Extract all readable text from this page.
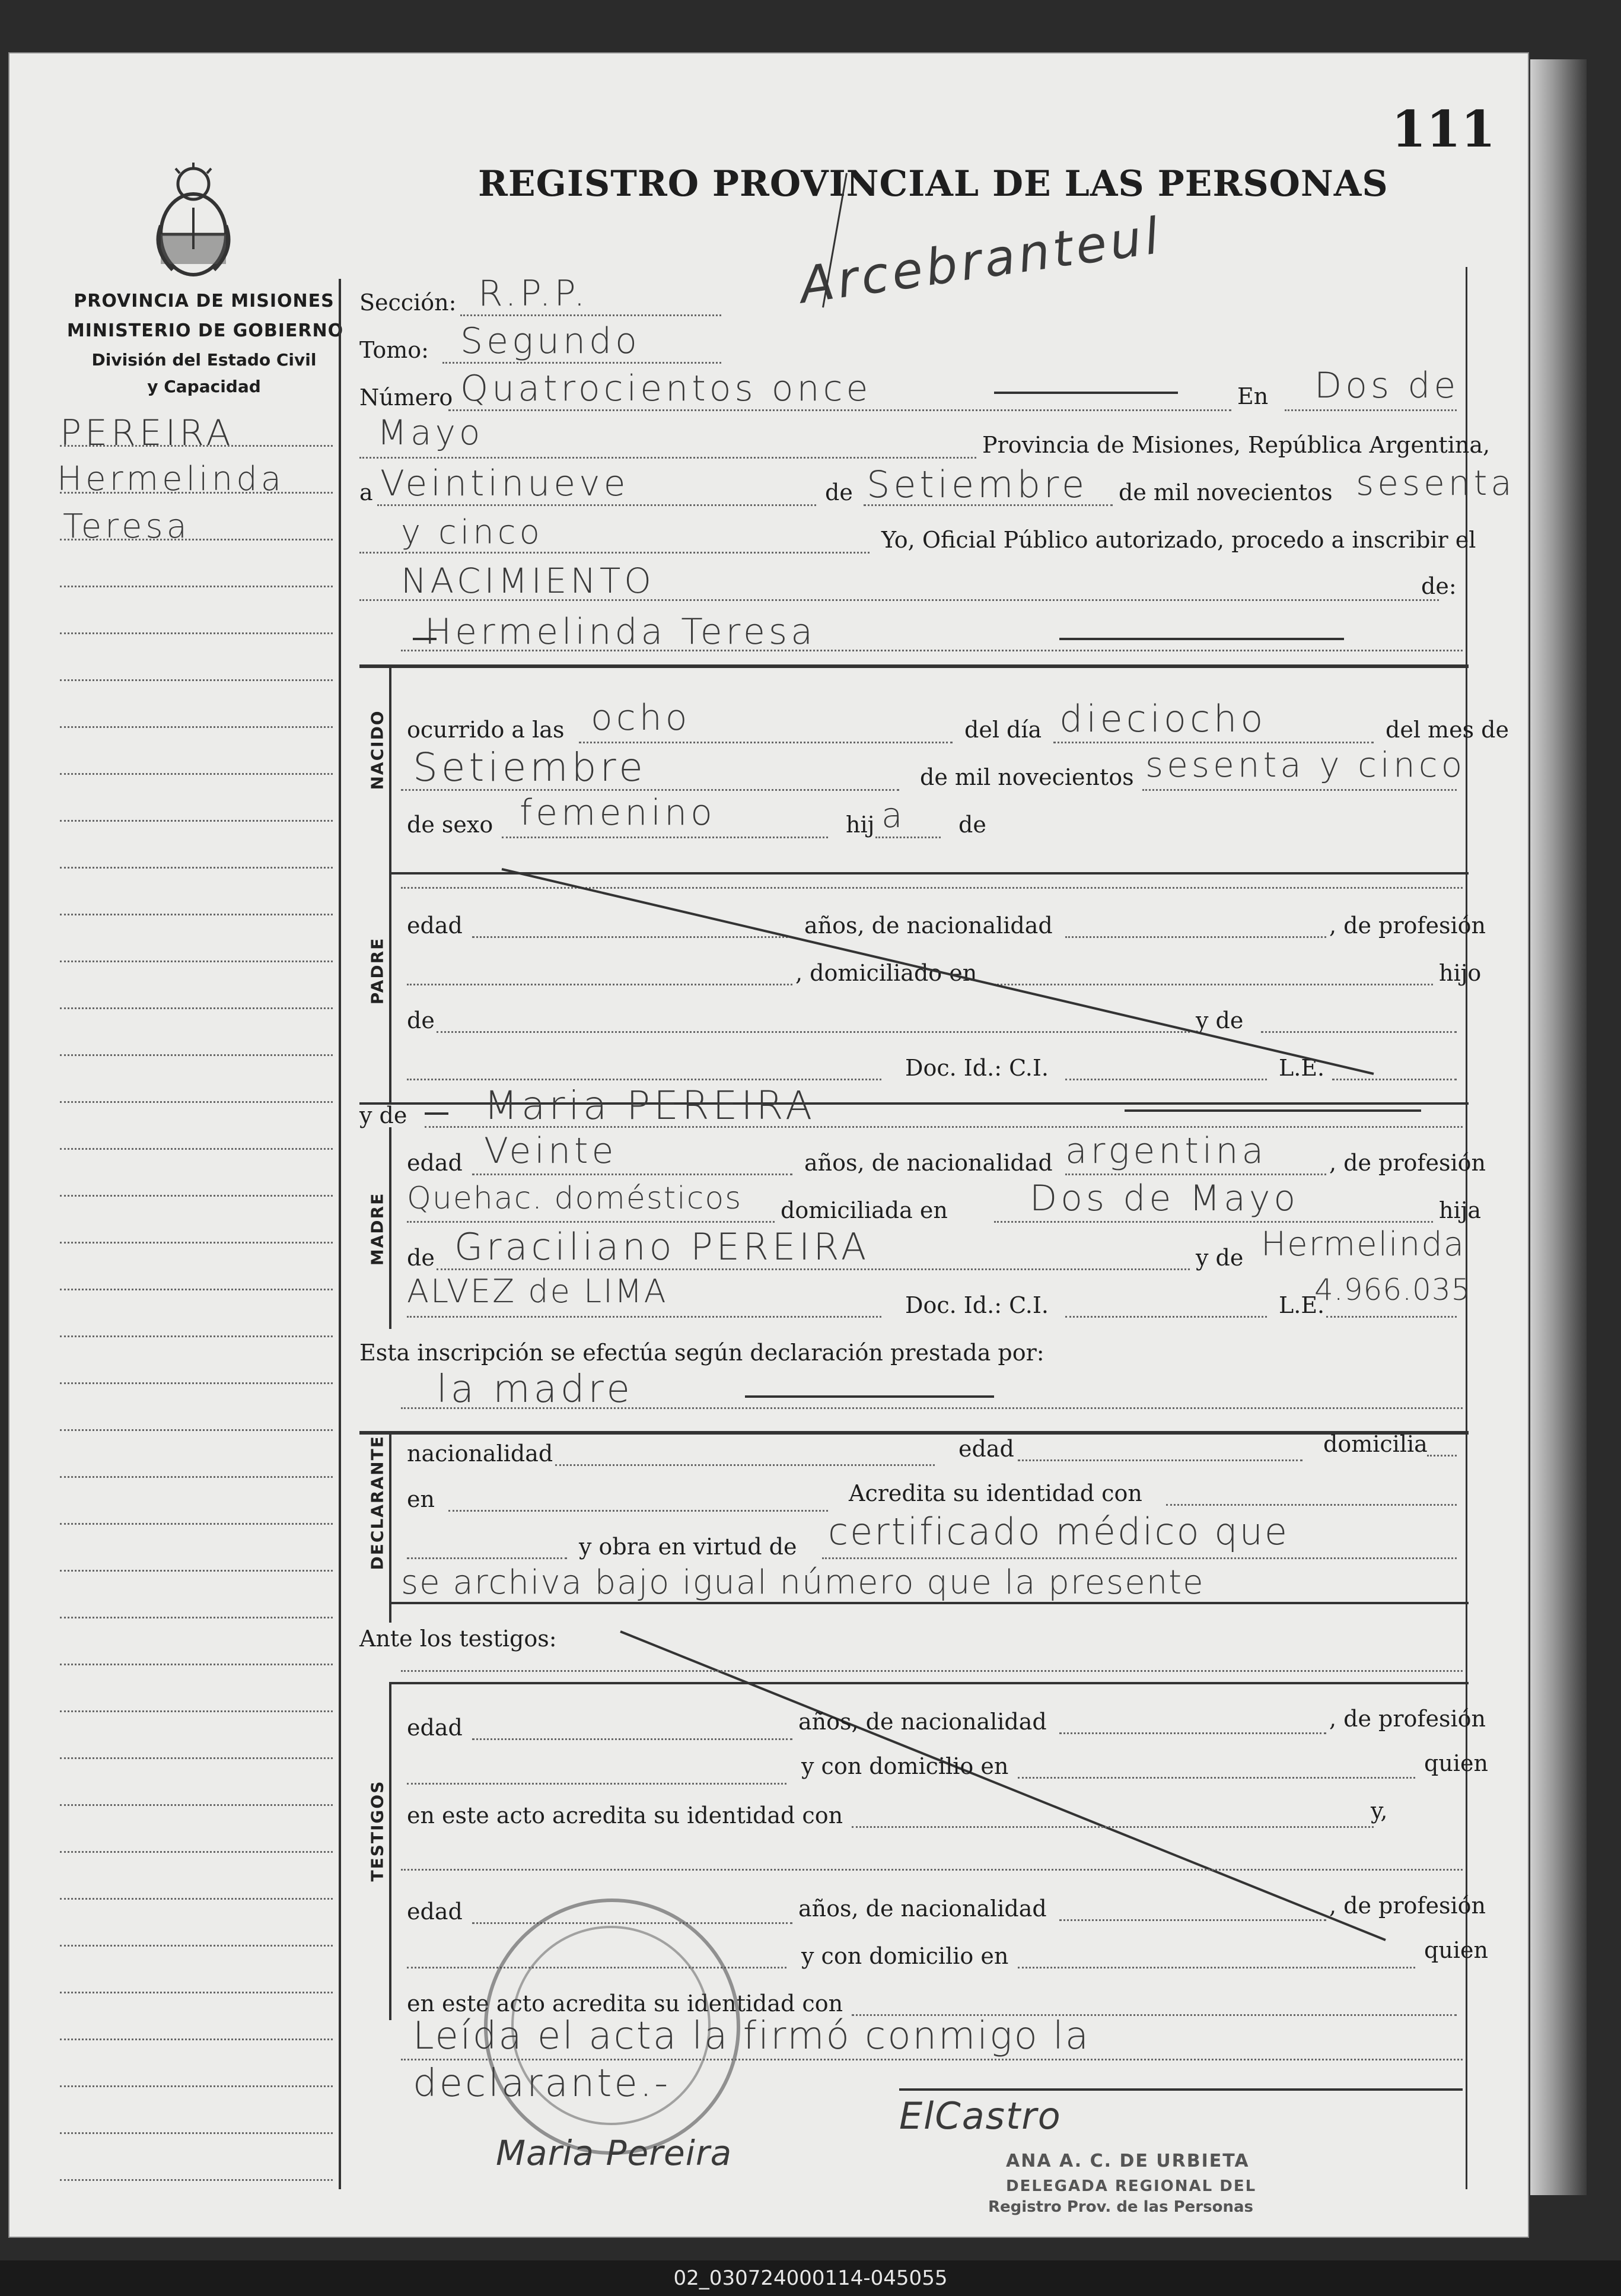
111
REGISTRO PROVINCIAL DE LAS PERSONAS
Arcebranteul
PROVINCIA DE MISIONES
MINISTERIO DE GOBIERNO
División del Estado Civil
y Capacidad
PEREIRA
Hermelinda
Teresa
Sección: R.P.P.
Tomo: Segundo
Número Quatrocientos once	En Dos de
Mayo	Provincia de Misiones, República Argentina,
a Veintinueve	de Setiembre de mil novecientos sesenta
y cinco	Yo, Oficial Público autorizado, procedo a inscribir el
NACIMIENTO	de:
Hermelinda Teresa
NACIDO ocurrido a las ocho	del día dieciocho	del mes de
Setiembre	de mil novecientos sesenta y cinco
de sexo femenino	hij a de
PADRE
edad	años, de nacionalidad	, de profesión
, domiciliado en	hijo
de	y de
Doc. Id.: C.I.	L.E.
y de Maria PEREIRA
MADRE
edad Veinte	años, de nacionalidad argentina	, de profesión
Quehac. domésticos domiciliada en Dos de Mayo	hija
de Graciliano PEREIRA	y de Hermelinda
ALVEZ de LIMA	Doc. Id.: C.I.	L.E.
4.966.035
Esta inscripción se efectúa según declaración prestada por:
la madre
DECLARANTE nacionalidad	edad	domicilia
en	Acredita su identidad con
y obra en virtud de certificado médico que
se archiva bajo igual número que la presente
Ante los testigos:
TESTIGOS
edad	años, de nacionalidad	, de profesión
y con domicilio en	quien
en este acto acredita su identidad con	y,
edad	años, de nacionalidad	, de profesión
y con domicilio en	quien
en este acto acredita su identidad con
Leída el acta la firmó conmigo la
declarante.-
Maria Pereira
ElCastro
ANA A. C. DE URBIETA
DELEGADA REGIONAL DEL
Registro Prov. de las Personas
02_030724000114-045055
